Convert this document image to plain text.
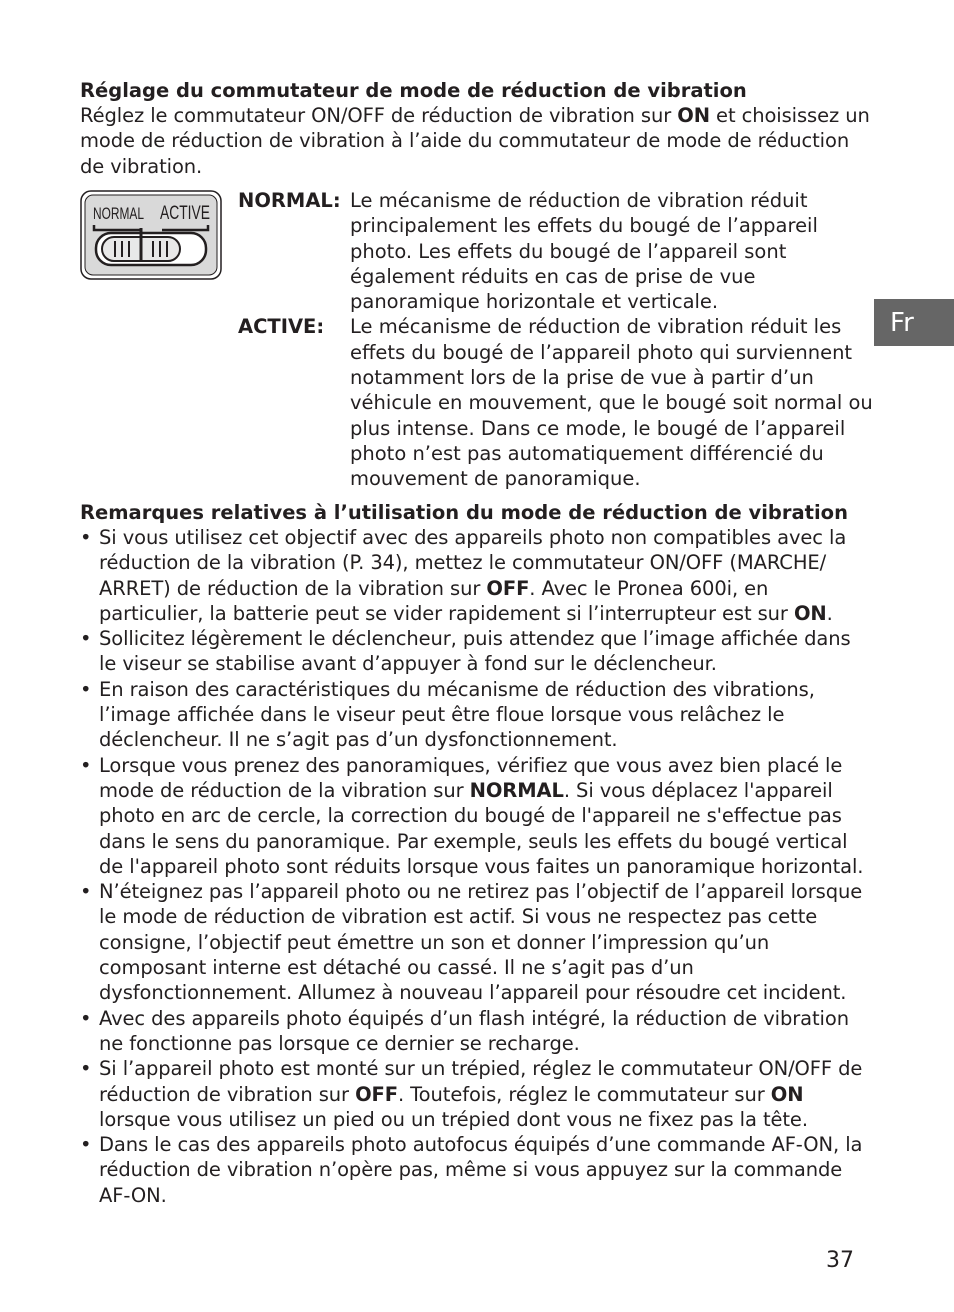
Réglage du commutateur de mode de réduction de vibration

Réglez le commutateur ON/OFF de réduction de vibration sur ON et choisissez un mode de réduction de vibration à l’aide du commutateur de mode de réduction de vibration.

NORMAL ACTIVE
NORMAL: Le mécanisme de réduction de vibration réduit principalement les effets du bougé de l’appareil photo. Les effets du bougé de l’appareil sont également réduits en cas de prise de vue panoramique horizontale et verticale.
ACTIVE:	Le mécanisme de réduction de vibration réduit les effets du bougé de l’appareil photo qui surviennent notamment lors de la prise de vue à partir d’un véhicule en mouvement, que le bougé soit normal ou plus intense. Dans ce mode, le bougé de l’appareil photo n’est pas automatiquement différencié du mouvement de panoramique.
Remarques relatives à l’utilisation du mode de réduction de vibration
• Si vous utilisez cet objectif avec des appareils photo non compatibles avec la réduction de la vibration (P. 34), mettez le commutateur ON/OFF (MARCHE/ ARRET) de réduction de la vibration sur OFF. Avec le Pronea 600i, en particulier, la batterie peut se vider rapidement si l’interrupteur est sur ON.
• Sollicitez légèrement le déclencheur, puis attendez que l’image affichée dans le viseur se stabilise avant d’appuyer à fond sur le déclencheur.
• En raison des caractéristiques du mécanisme de réduction des vibrations, l’image affichée dans le viseur peut être floue lorsque vous relâchez le déclencheur. Il ne s’agit pas d’un dysfonctionnement.
• Lorsque vous prenez des panoramiques, vérifiez que vous avez bien placé le mode de réduction de la vibration sur NORMAL. Si vous déplacez l'appareil photo en arc de cercle, la correction du bougé de l'appareil ne s'effectue pas dans le sens du panoramique. Par exemple, seuls les effets du bougé vertical de l'appareil photo sont réduits lorsque vous faites un panoramique horizontal.
• N’éteignez pas l’appareil photo ou ne retirez pas l’objectif de l’appareil lorsque le mode de réduction de vibration est actif. Si vous ne respectez pas cette consigne, l’objectif peut émettre un son et donner l’impression qu’un composant interne est détaché ou cassé. Il ne s’agit pas d’un dysfonctionnement. Allumez à nouveau l’appareil pour résoudre cet incident.
• Avec des appareils photo équipés d’un flash intégré, la réduction de vibration ne fonctionne pas lorsque ce dernier se recharge.
• Si l’appareil photo est monté sur un trépied, réglez le commutateur ON/OFF de réduction de vibration sur OFF. Toutefois, réglez le commutateur sur ON lorsque vous utilisez un pied ou un trépied dont vous ne fixez pas la tête.
• Dans le cas des appareils photo autofocus équipés d’une commande AF-ON, la réduction de vibration n’opère pas, même si vous appuyez sur la commande AF-ON.
Fr
37
